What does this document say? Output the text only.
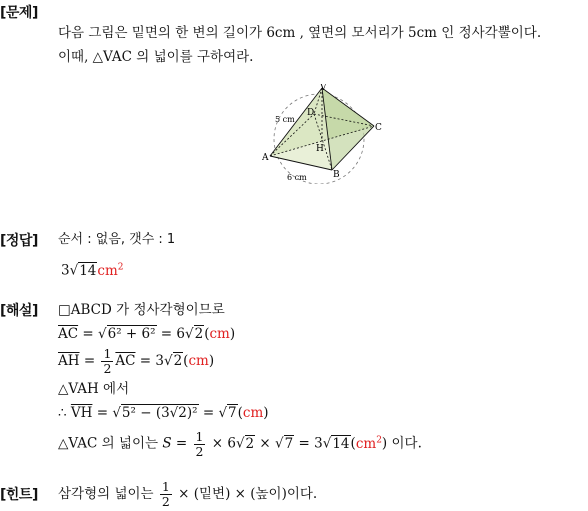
[문제]
다음 그림은 밑면의 한 변의 길이가 6cm , 옆면의 모서리가 5cm 인 정사각뿔이다.
이때, △VAC 의 넓이를 구하여라.
V
D
C
A
B
H
5 cm
6 cm
[정답] 순서 : 없음, 갯수 : 1
$3√14cm^2$
[해설] □ABCD 가 정사각형이므로
$\overline{AC} = √6^2 + 6^2 = 6√2(cm)$
$\overline{AH} = \frac{1}{2} \overline{AC} = 3√2(cm)$
△VAH 에서
∴ $\overline{VH} = √5^2 - (3√2)^2 = √7(cm)$
△VAC 의 넓이는 $S = \frac{1}{2} \times 6√2 \times √7 = 3√14(cm^2)$ 이다.
[힌트] 삼각형의 넓이는 $\frac{1}{2}$ × (밑변) × (높이)이다.
